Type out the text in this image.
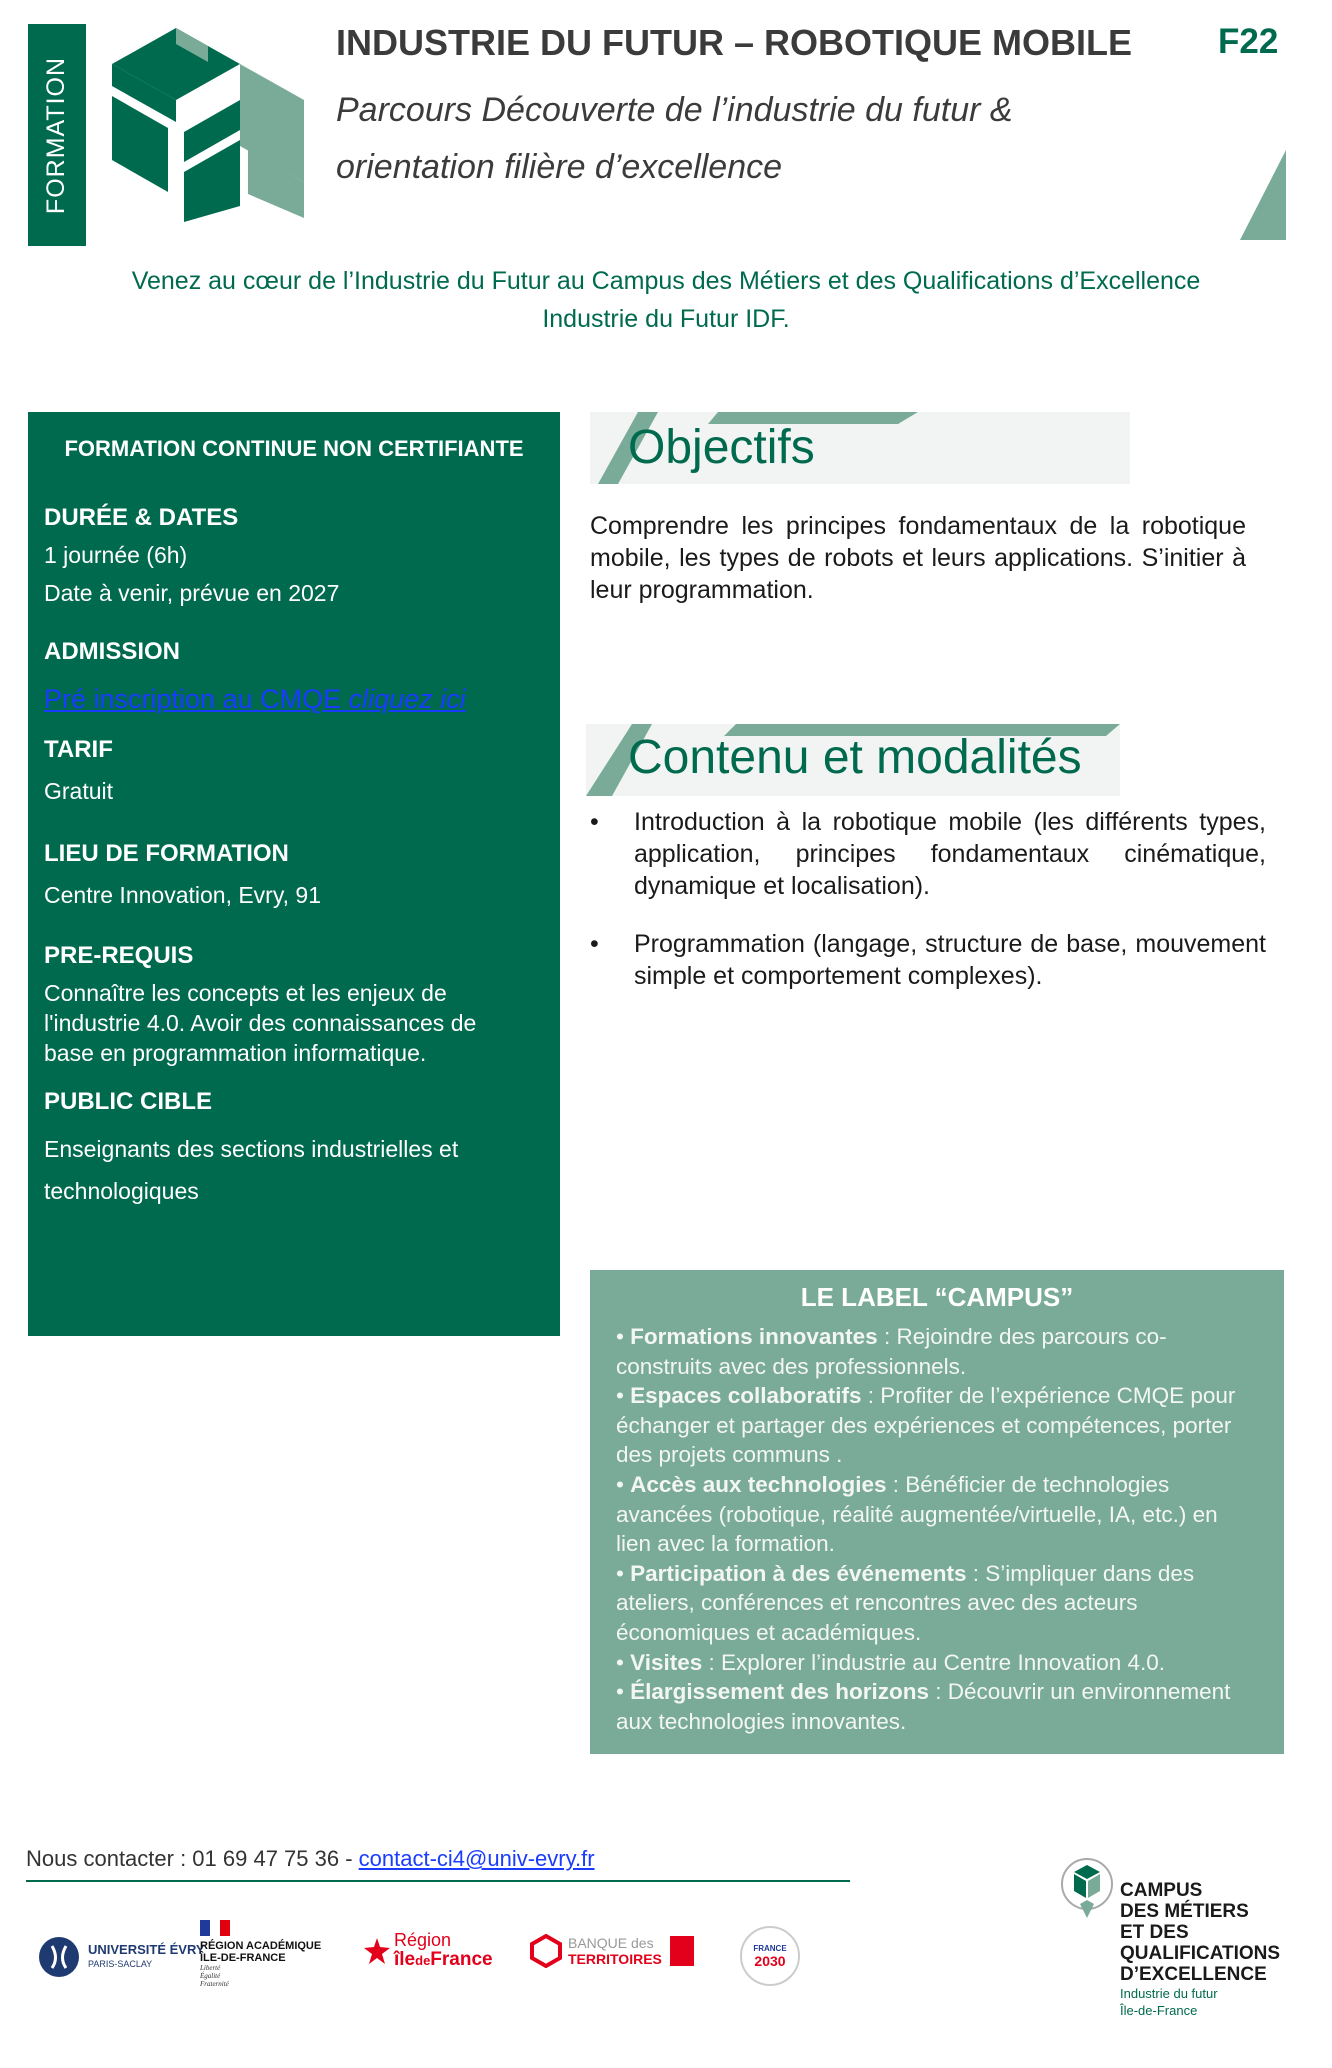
FORMATION
INDUSTRIE DU FUTUR – ROBOTIQUE MOBILE F22
Parcours Découverte de l’industrie du futur &
orientation filière d’excellence
Venez au cœur de l’Industrie du Futur au Campus des Métiers et des Qualifications d’Excellence
Industrie du Futur IDF.
FORMATION CONTINUE NON CERTIFIANTE
DURÉE & DATES
1 journée (6h)
Date à venir, prévue en 2027
ADMISSION
Pré inscription au CMQE cliquez ici
TARIF
Gratuit
LIEU DE FORMATION
Centre Innovation, Evry, 91
PRE-REQUIS
Connaître les concepts et les enjeux de
l'industrie 4.0. Avoir des connaissances de
base en programmation informatique.
PUBLIC CIBLE
Enseignants des sections industrielles et
technologiques
Objectifs
Comprendre les principes fondamentaux de la robotique mobile, les types de robots et leurs applications. S’initier à leur programmation.
Contenu et modalités
• Introduction à la robotique mobile (les différents types, application, principes fondamentaux cinématique, dynamique et localisation).
• Programmation (langage, structure de base, mouvement simple et comportement complexes).
LE LABEL “CAMPUS”
• Formations innovantes : Rejoindre des parcours co-construits avec des professionnels.
• Espaces collaboratifs : Profiter de l’expérience CMQE pour échanger et partager des expériences et compétences, porter des projets communs .
• Accès aux technologies : Bénéficier de technologies avancées (robotique, réalité augmentée/virtuelle, IA, etc.) en lien avec la formation.
• Participation à des événements : S’impliquer dans des ateliers, conférences et rencontres avec des acteurs économiques et académiques.
• Visites : Explorer l’industrie au Centre Innovation 4.0.
• Élargissement des horizons : Découvrir un environnement aux technologies innovantes.
Nous contacter : 01 69 47 75 36 - contact-ci4@univ-evry.fr
UNIVERSITÉ ÉVRY
PARIS-SACLAY
RÉGION ACADÉMIQUE
ÎLE-DE-FRANCE
Liberté
Égalité
Fraternité
Région
îledeFrance
BANQUE des
TERRITOIRES
FRANCE
2030
CAMPUS
DES MÉTIERS
ET DES
QUALIFICATIONS
D’EXCELLENCE
Industrie du futur
Île-de-France
